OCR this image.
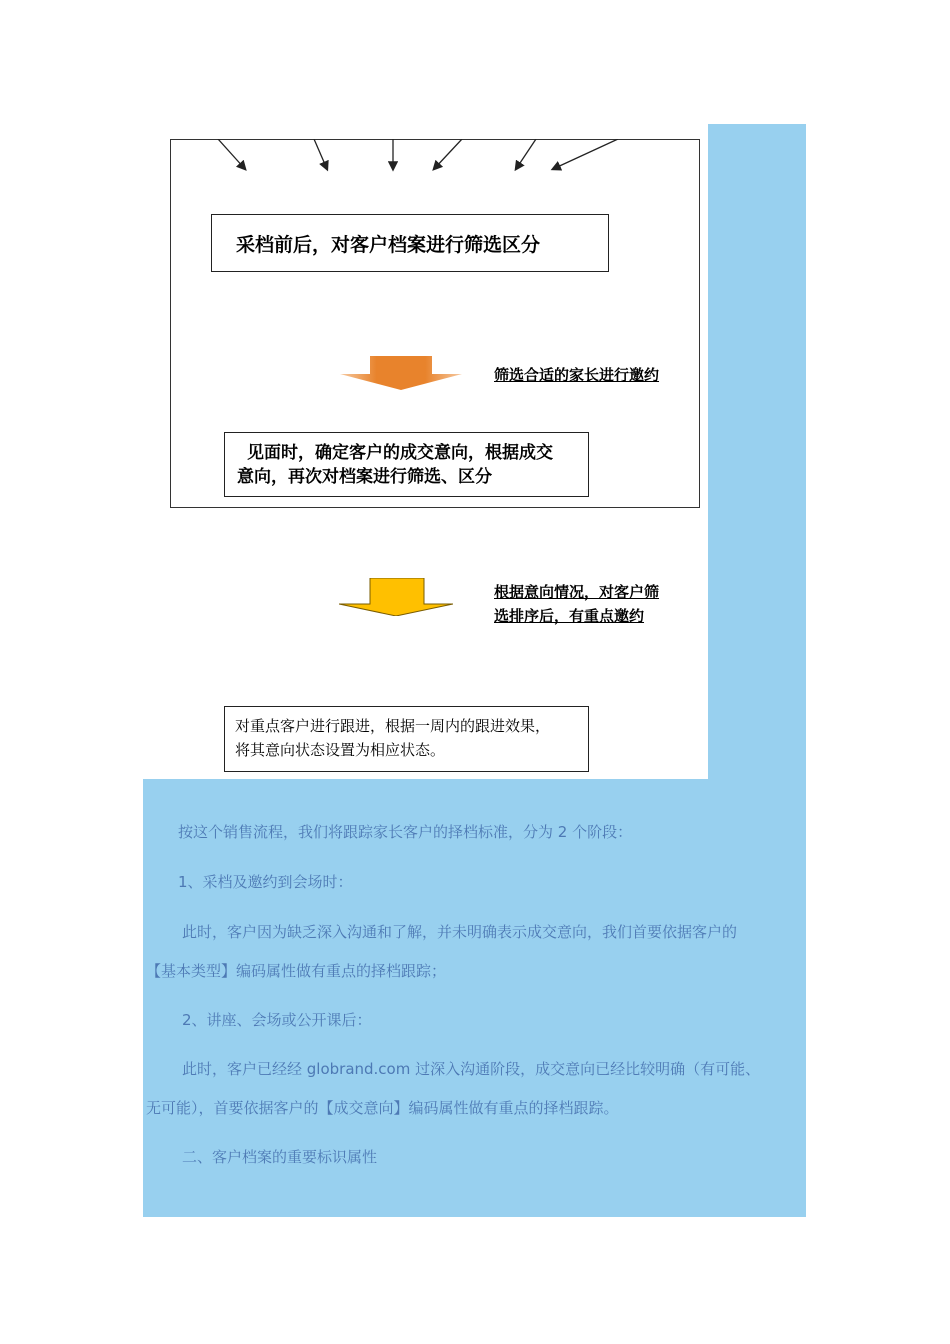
采档前后，对客户档案进行筛选区分
筛选合适的家长进行邀约
见面时，确定客户的成交意向，根据成交
意向，再次对档案进行筛选、区分
根据意向情况，对客户筛
选排序后，有重点邀约
对重点客户进行跟进，根据一周内的跟进效果，
将其意向状态设置为相应状态。
按这个销售流程，我们将跟踪家长客户的择档标准，分为 2 个阶段：
1、采档及邀约到会场时：
此时，客户因为缺乏深入沟通和了解，并未明确表示成交意向，我们首要依据客户的
【基本类型】编码属性做有重点的择档跟踪；
2、讲座、会场或公开课后：
此时，客户已经经 globrand.com 过深入沟通阶段，成交意向已经比较明确（有可能、
无可能），首要依据客户的【成交意向】编码属性做有重点的择档跟踪。
二、客户档案的重要标识属性
